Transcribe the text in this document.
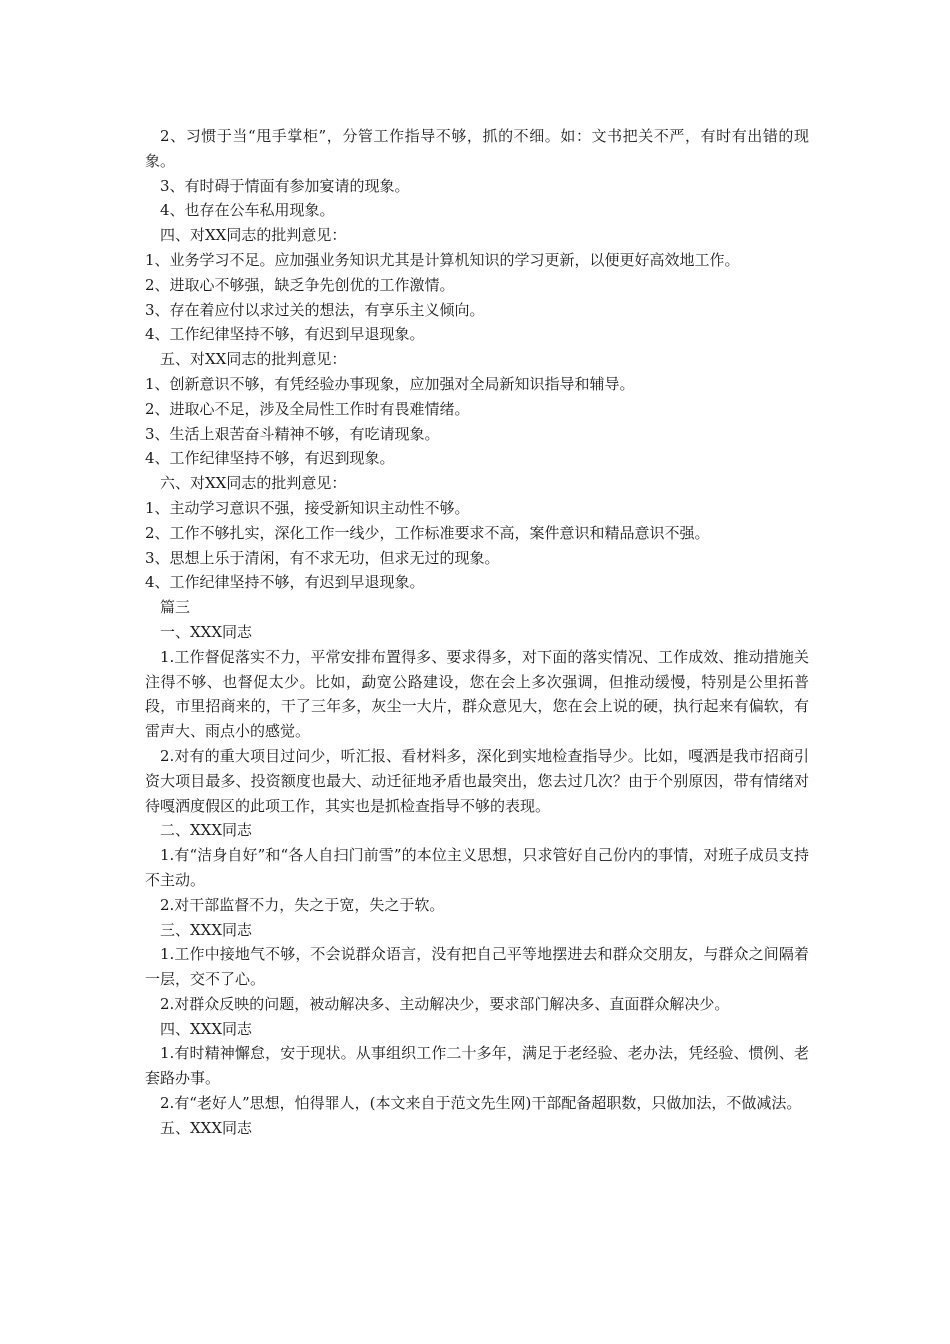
2、习惯于当“甩手掌柜”，分管工作指导不够，抓的不细。如：文书把关不严，有时有出错的现象。

3、有时碍于情面有参加宴请的现象。

4、也存在公车私用现象。

四、对XX同志的批判意见：

1、业务学习不足。应加强业务知识尤其是计算机知识的学习更新，以便更好高效地工作。

2、进取心不够强，缺乏争先创优的工作激情。

3、存在着应付以求过关的想法，有享乐主义倾向。

4、工作纪律坚持不够，有迟到早退现象。

五、对XX同志的批判意见：

1、创新意识不够，有凭经验办事现象，应加强对全局新知识指导和辅导。

2、进取心不足，涉及全局性工作时有畏难情绪。

3、生活上艰苦奋斗精神不够，有吃请现象。

4、工作纪律坚持不够，有迟到现象。

六、对XX同志的批判意见：

1、主动学习意识不强，接受新知识主动性不够。

2、工作不够扎实，深化工作一线少，工作标准要求不高，案件意识和精品意识不强。

3、思想上乐于清闲，有不求无功，但求无过的现象。

4、工作纪律坚持不够，有迟到早退现象。

篇三

一、XXX同志

1.工作督促落实不力，平常安排布置得多、要求得多，对下面的落实情况、工作成效、推动措施关注得不够、也督促太少。比如，勐宽公路建设，您在会上多次强调，但推动缓慢，特别是公里拓普段，市里招商来的，干了三年多，灰尘一大片，群众意见大，您在会上说的硬，执行起来有偏软，有雷声大、雨点小的感觉。

2.对有的重大项目过问少，听汇报、看材料多，深化到实地检查指导少。比如，嘎洒是我市招商引资大项目最多、投资额度也最大、动迁征地矛盾也最突出，您去过几次？由于个别原因，带有情绪对待嘎洒度假区的此项工作，其实也是抓检查指导不够的表现。

二、XXX同志

1.有“洁身自好”和“各人自扫门前雪”的本位主义思想，只求管好自己份内的事情，对班子成员支持不主动。

2.对干部监督不力，失之于宽，失之于软。

三、XXX同志

1.工作中接地气不够，不会说群众语言，没有把自己平等地摆进去和群众交朋友，与群众之间隔着一层，交不了心。

2.对群众反映的问题，被动解决多、主动解决少，要求部门解决多、直面群众解决少。

四、XXX同志

1.有时精神懈怠，安于现状。从事组织工作二十多年，满足于老经验、老办法，凭经验、惯例、老套路办事。

2.有“老好人”思想，怕得罪人，(本文来自于范文先生网)干部配备超职数，只做加法，不做减法。

五、XXX同志
